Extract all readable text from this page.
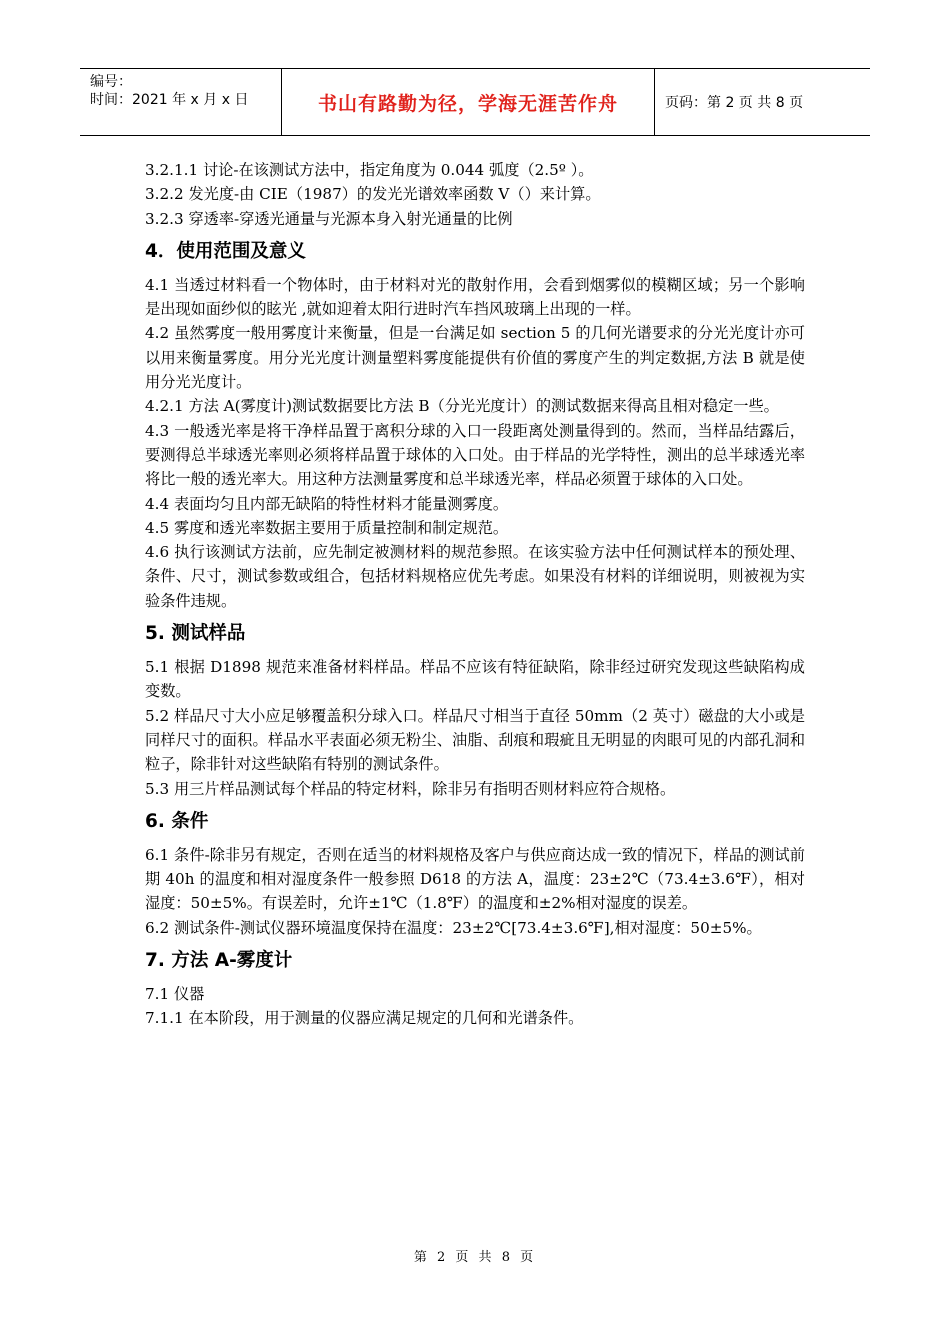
编号：
时间：2021 年 x 月 x 日	书山有路勤为径，学海无涯苦作舟	页码：第 2 页 共 8 页

3.2.1.1 讨论-在该测试方法中，指定角度为 0.044 弧度（2.5º ）。

3.2.2 发光度-由 CIE（1987）的发光光谱效率函数 V（）来计算。

3.2.3 穿透率-穿透光通量与光源本身入射光通量的比例

4．使用范围及意义

4.1 当透过材料看一个物体时，由于材料对光的散射作用，会看到烟雾似的模糊区域；另一个影响是出现如面纱似的眩光 ,就如迎着太阳行进时汽车挡风玻璃上出现的一样。

4.2 虽然雾度一般用雾度计来衡量，但是一台满足如 section 5 的几何光谱要求的分光光度计亦可以用来衡量雾度。用分光光度计测量塑料雾度能提供有价值的雾度产生的判定数据,方法 B 就是使用分光光度计。

4.2.1 方法 A(雾度计)测试数据要比方法 B（分光光度计）的测试数据来得高且相对稳定一些。

4.3 一般透光率是将干净样品置于离积分球的入口一段距离处测量得到的。然而，当样品结露后，要测得总半球透光率则必须将样品置于球体的入口处。由于样品的光学特性，测出的总半球透光率将比一般的透光率大。用这种方法测量雾度和总半球透光率，样品必须置于球体的入口处。

4.4 表面均匀且内部无缺陷的特性材料才能量测雾度。

4.5 雾度和透光率数据主要用于质量控制和制定规范。

4.6 执行该测试方法前，应先制定被测材料的规范参照。在该实验方法中任何测试样本的预处理、条件、尺寸，测试参数或组合，包括材料规格应优先考虑。如果没有材料的详细说明，则被视为实验条件违规。

5. 测试样品

5.1 根据 D1898 规范来准备材料样品。样品不应该有特征缺陷，除非经过研究发现这些缺陷构成变数。

5.2 样品尺寸大小应足够覆盖积分球入口。样品尺寸相当于直径 50mm（2 英寸）磁盘的大小或是同样尺寸的面积。样品水平表面必须无粉尘、油脂、刮痕和瑕疵且无明显的肉眼可见的内部孔洞和粒子，除非针对这些缺陷有特别的测试条件。

5.3 用三片样品测试每个样品的特定材料，除非另有指明否则材料应符合规格。

6. 条件

6.1 条件-除非另有规定，否则在适当的材料规格及客户与供应商达成一致的情况下，样品的测试前期 40h 的温度和相对湿度条件一般参照 D618 的方法 A，温度：23±2℃（73.4±3.6℉），相对湿度：50±5%。有误差时，允许±1℃（1.8℉）的温度和±2%相对湿度的误差。

6.2 测试条件-测试仪器环境温度保持在温度：23±2℃[73.4±3.6℉],相对湿度：50±5%。

7. 方法 A-雾度计

7.1 仪器

7.1.1 在本阶段，用于测量的仪器应满足规定的几何和光谱条件。

第 2 页 共 8 页
